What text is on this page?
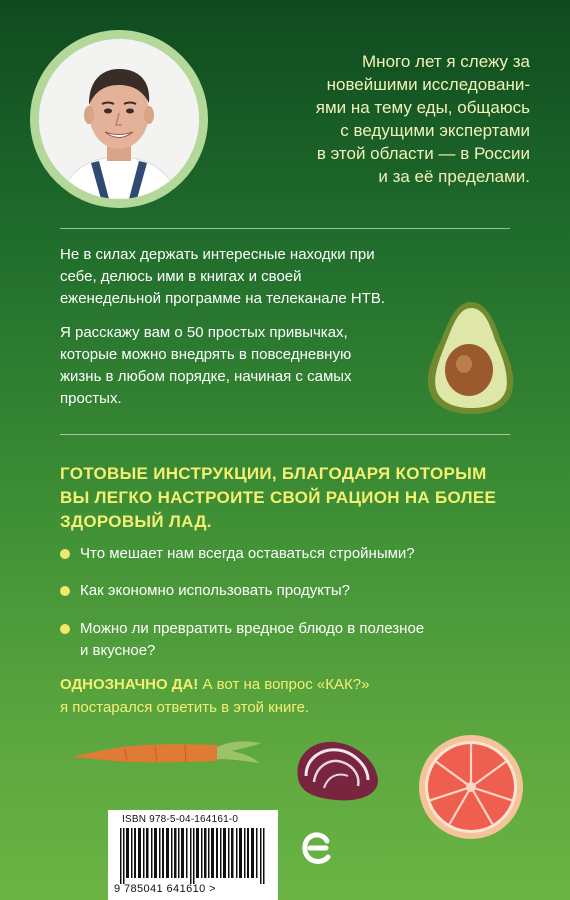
Много лет я слежу за
новейшими исследовани-
ями на тему еды, общаюсь
с ведущими экспертами
в этой области — в России
и за её пределами.
Не в силах держать интересные находки при
себе, делюсь ими в книгах и своей
еженедельной программе на телеканале НТВ.
Я расскажу вам о 50 простых привычках,
которые можно внедрять в повседневную
жизнь в любом порядке, начиная с самых
простых.
ГОТОВЫЕ ИНСТРУКЦИИ, БЛАГОДАРЯ КОТОРЫМ
ВЫ ЛЕГКО НАСТРОИТЕ СВОЙ РАЦИОН НА БОЛЕЕ
ЗДОРОВЫЙ ЛАД.
Что мешает нам всегда оставаться стройными?
Как экономно использовать продукты?
Можно ли превратить вредное блюдо в полезное
и вкусное?
ОДНОЗНАЧНО ДА! А вот на вопрос «КАК?»
я постарался ответить в этой книге.
ISBN 978-5-04-164161-0
9 785041 641610 >
